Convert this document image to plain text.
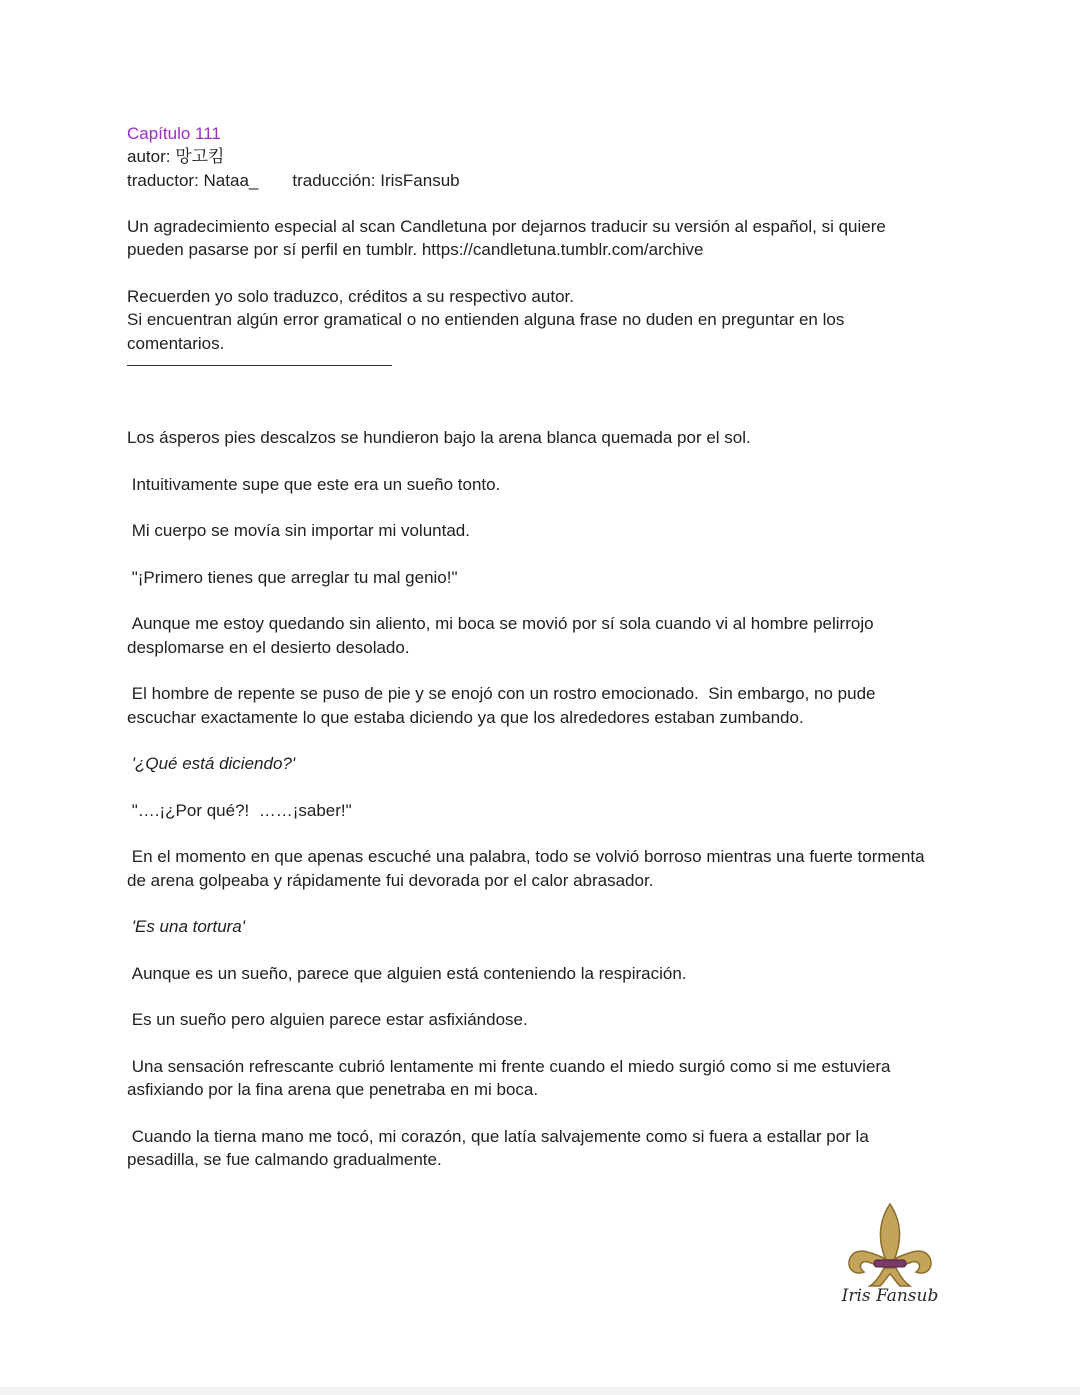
Capítulo 111

autor: 망고킴

traductor: Nataa_ traducción: IrisFansub

Un agradecimiento especial al scan Candletuna por dejarnos traducir su versión al español, si quiere pueden pasarse por sí perfil en tumblr. https://candletuna.tumblr.com/archive

Recuerden yo solo traduzco, créditos a su respectivo autor.

Si encuentran algún error gramatical o no entienden alguna frase no duden en preguntar en los comentarios.

Los ásperos pies descalzos se hundieron bajo la arena blanca quemada por el sol.

Intuitivamente supe que este era un sueño tonto.

Mi cuerpo se movía sin importar mi voluntad.

"¡Primero tienes que arreglar tu mal genio!"

Aunque me estoy quedando sin aliento, mi boca se movió por sí sola cuando vi al hombre pelirrojo desplomarse en el desierto desolado.

El hombre de repente se puso de pie y se enojó con un rostro emocionado.  Sin embargo, no pude escuchar exactamente lo que estaba diciendo ya que los alrededores estaban zumbando.

'¿Qué está diciendo?'

"….¡¿Por qué?!  ……¡saber!"

En el momento en que apenas escuché una palabra, todo se volvió borroso mientras una fuerte tormenta de arena golpeaba y rápidamente fui devorada por el calor abrasador.

'Es una tortura'

Aunque es un sueño, parece que alguien está conteniendo la respiración.

Es un sueño pero alguien parece estar asfixiándose.

Una sensación refrescante cubrió lentamente mi frente cuando el miedo surgió como si me estuviera asfixiando por la fina arena que penetraba en mi boca.

Cuando la tierna mano me tocó, mi corazón, que latía salvajemente como si fuera a estallar por la pesadilla, se fue calmando gradualmente.

Iris Fansub
